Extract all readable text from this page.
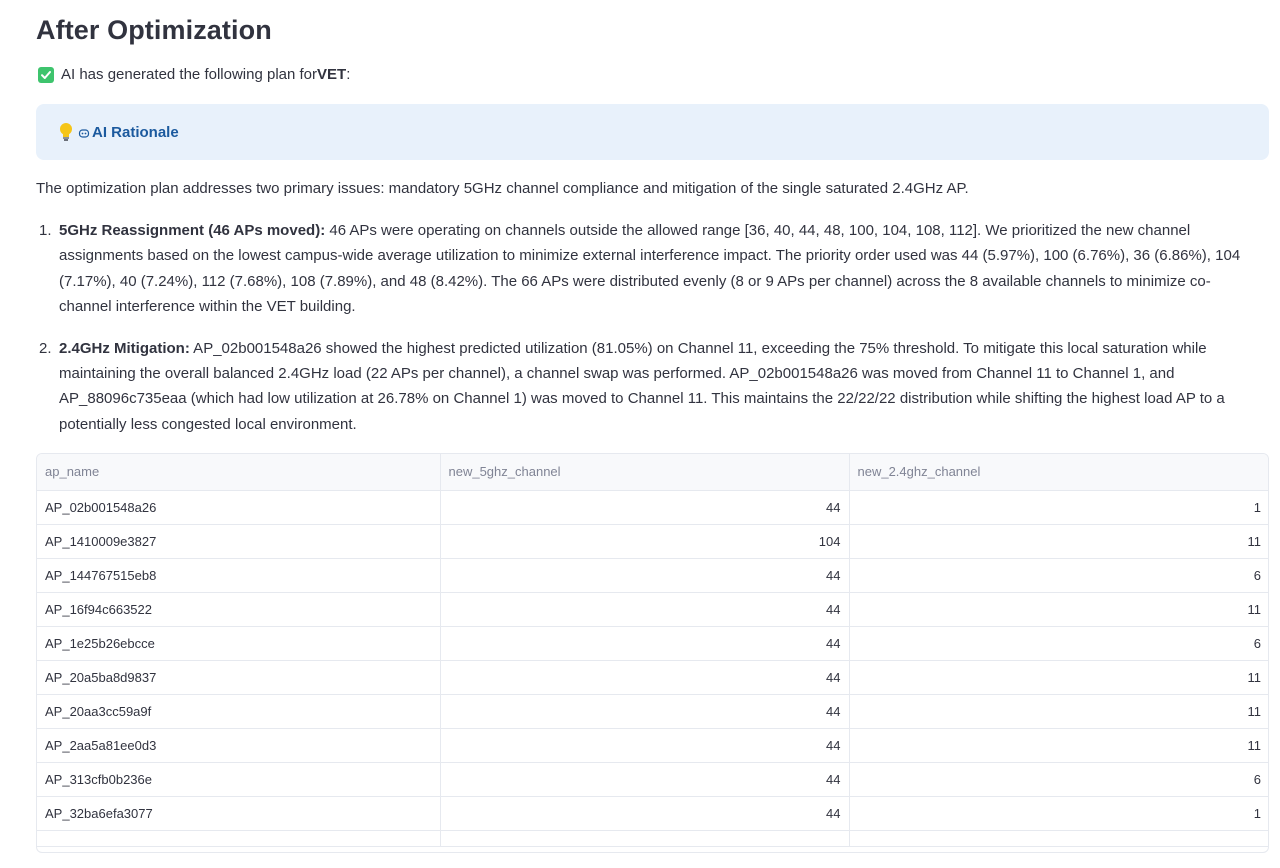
After Optimization
AI has generated the following plan for VET :
AI Rationale

The optimization plan addresses two primary issues: mandatory 5GHz channel compliance and mitigation of the single saturated 2.4GHz AP.

1. 5GHz Reassignment (46 APs moved): 46 APs were operating on channels outside the allowed range [36, 40, 44, 48, 100, 104, 108, 112]. We prioritized the new channel assignments based on the lowest campus-wide average utilization to minimize external interference impact. The priority order used was 44 (5.97%), 100 (6.76%), 36 (6.86%), 104 (7.17%), 40 (7.24%), 112 (7.68%), 108 (7.89%), and 48 (8.42%). The 66 APs were distributed evenly (8 or 9 APs per channel) across the 8 available channels to minimize co-channel interference within the VET building.
2. 2.4GHz Mitigation: AP_02b001548a26 showed the highest predicted utilization (81.05%) on Channel 11, exceeding the 75% threshold. To mitigate this local saturation while maintaining the overall balanced 2.4GHz load (22 APs per channel), a channel swap was performed. AP_02b001548a26 was moved from Channel 11 to Channel 1, and AP_88096c735eaa (which had low utilization at 26.78% on Channel 1) was moved to Channel 11. This maintains the 22/22/22 distribution while shifting the highest load AP to a potentially less congested local environment.
ap_name	new_5ghz_channel	new_2.4ghz_channel
AP_02b001548a26	44	1
AP_1410009e3827	104	11
AP_144767515eb8	44	6
AP_16f94c663522	44	11
AP_1e25b26ebcce	44	6
AP_20a5ba8d9837	44	11
AP_20aa3cc59a9f	44	11
AP_2aa5a81ee0d3	44	11
AP_313cfb0b236e	44	6
AP_32ba6efa3077	44	1
